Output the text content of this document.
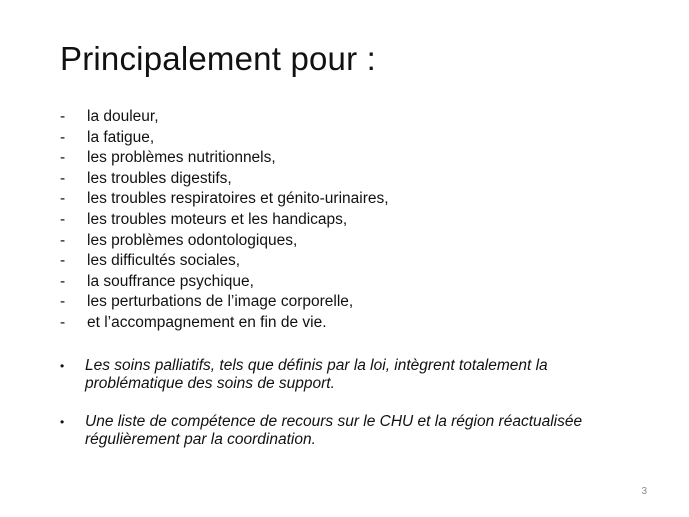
Principalement pour :
-	la douleur,
-	la fatigue,
-	les problèmes nutritionnels,
-	les troubles digestifs,
-	les troubles respiratoires et génito-urinaires,
-	les troubles moteurs et les handicaps,
-	les problèmes odontologiques,
-	les difficultés sociales,
-	la souffrance psychique,
-	les perturbations de l’image corporelle,
-	et l’accompagnement en fin de vie.
•	Les soins palliatifs, tels que définis par la loi, intègrent totalement la problématique des soins de support.
•	Une liste de compétence de recours sur le CHU et la région réactualisée régulièrement par la coordination.
3
